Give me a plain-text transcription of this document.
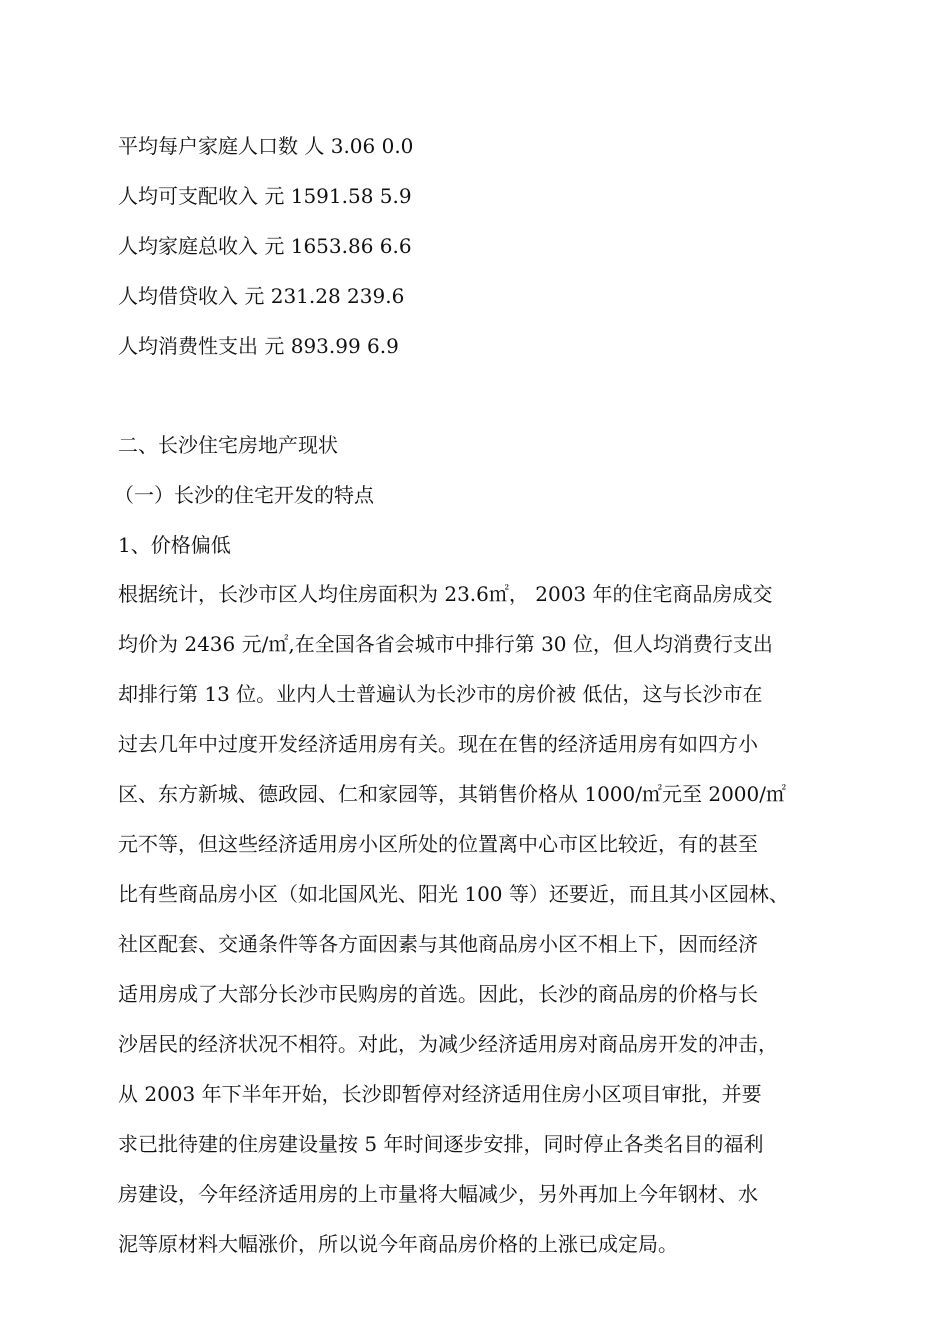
平均每户家庭人口数 人 3.06 0.0
人均可支配收入 元 1591.58 5.9
人均家庭总收入 元 1653.86 6.6
人均借贷收入 元 231.28 239.6
人均消费性支出 元 893.99 6.9
二、长沙住宅房地产现状
（一）长沙的住宅开发的特点
1、价格偏低
根据统计，长沙市区人均住房面积为 23.6㎡， 2003 年的住宅商品房成交
均价为 2436 元/㎡,在全国各省会城市中排行第 30 位，但人均消费行支出
却排行第 13 位。业内人士普遍认为长沙市的房价被 低估，这与长沙市在
过去几年中过度开发经济适用房有关。现在在售的经济适用房有如四方小
区、东方新城、德政园、仁和家园等，其销售价格从 1000/㎡元至 2000/㎡
元不等，但这些经济适用房小区所处的位置离中心市区比较近，有的甚至
比有些商品房小区（如北国风光、阳光 100 等）还要近，而且其小区园林、
社区配套、交通条件等各方面因素与其他商品房小区不相上下，因而经济
适用房成了大部分长沙市民购房的首选。因此，长沙的商品房的价格与长
沙居民的经济状况不相符。对此，为减少经济适用房对商品房开发的冲击，
从 2003 年下半年开始，长沙即暂停对经济适用住房小区项目审批，并要
求已批待建的住房建设量按 5 年时间逐步安排，同时停止各类名目的福利
房建设，今年经济适用房的上市量将大幅减少，另外再加上今年钢材、水
泥等原材料大幅涨价，所以说今年商品房价格的上涨已成定局。
